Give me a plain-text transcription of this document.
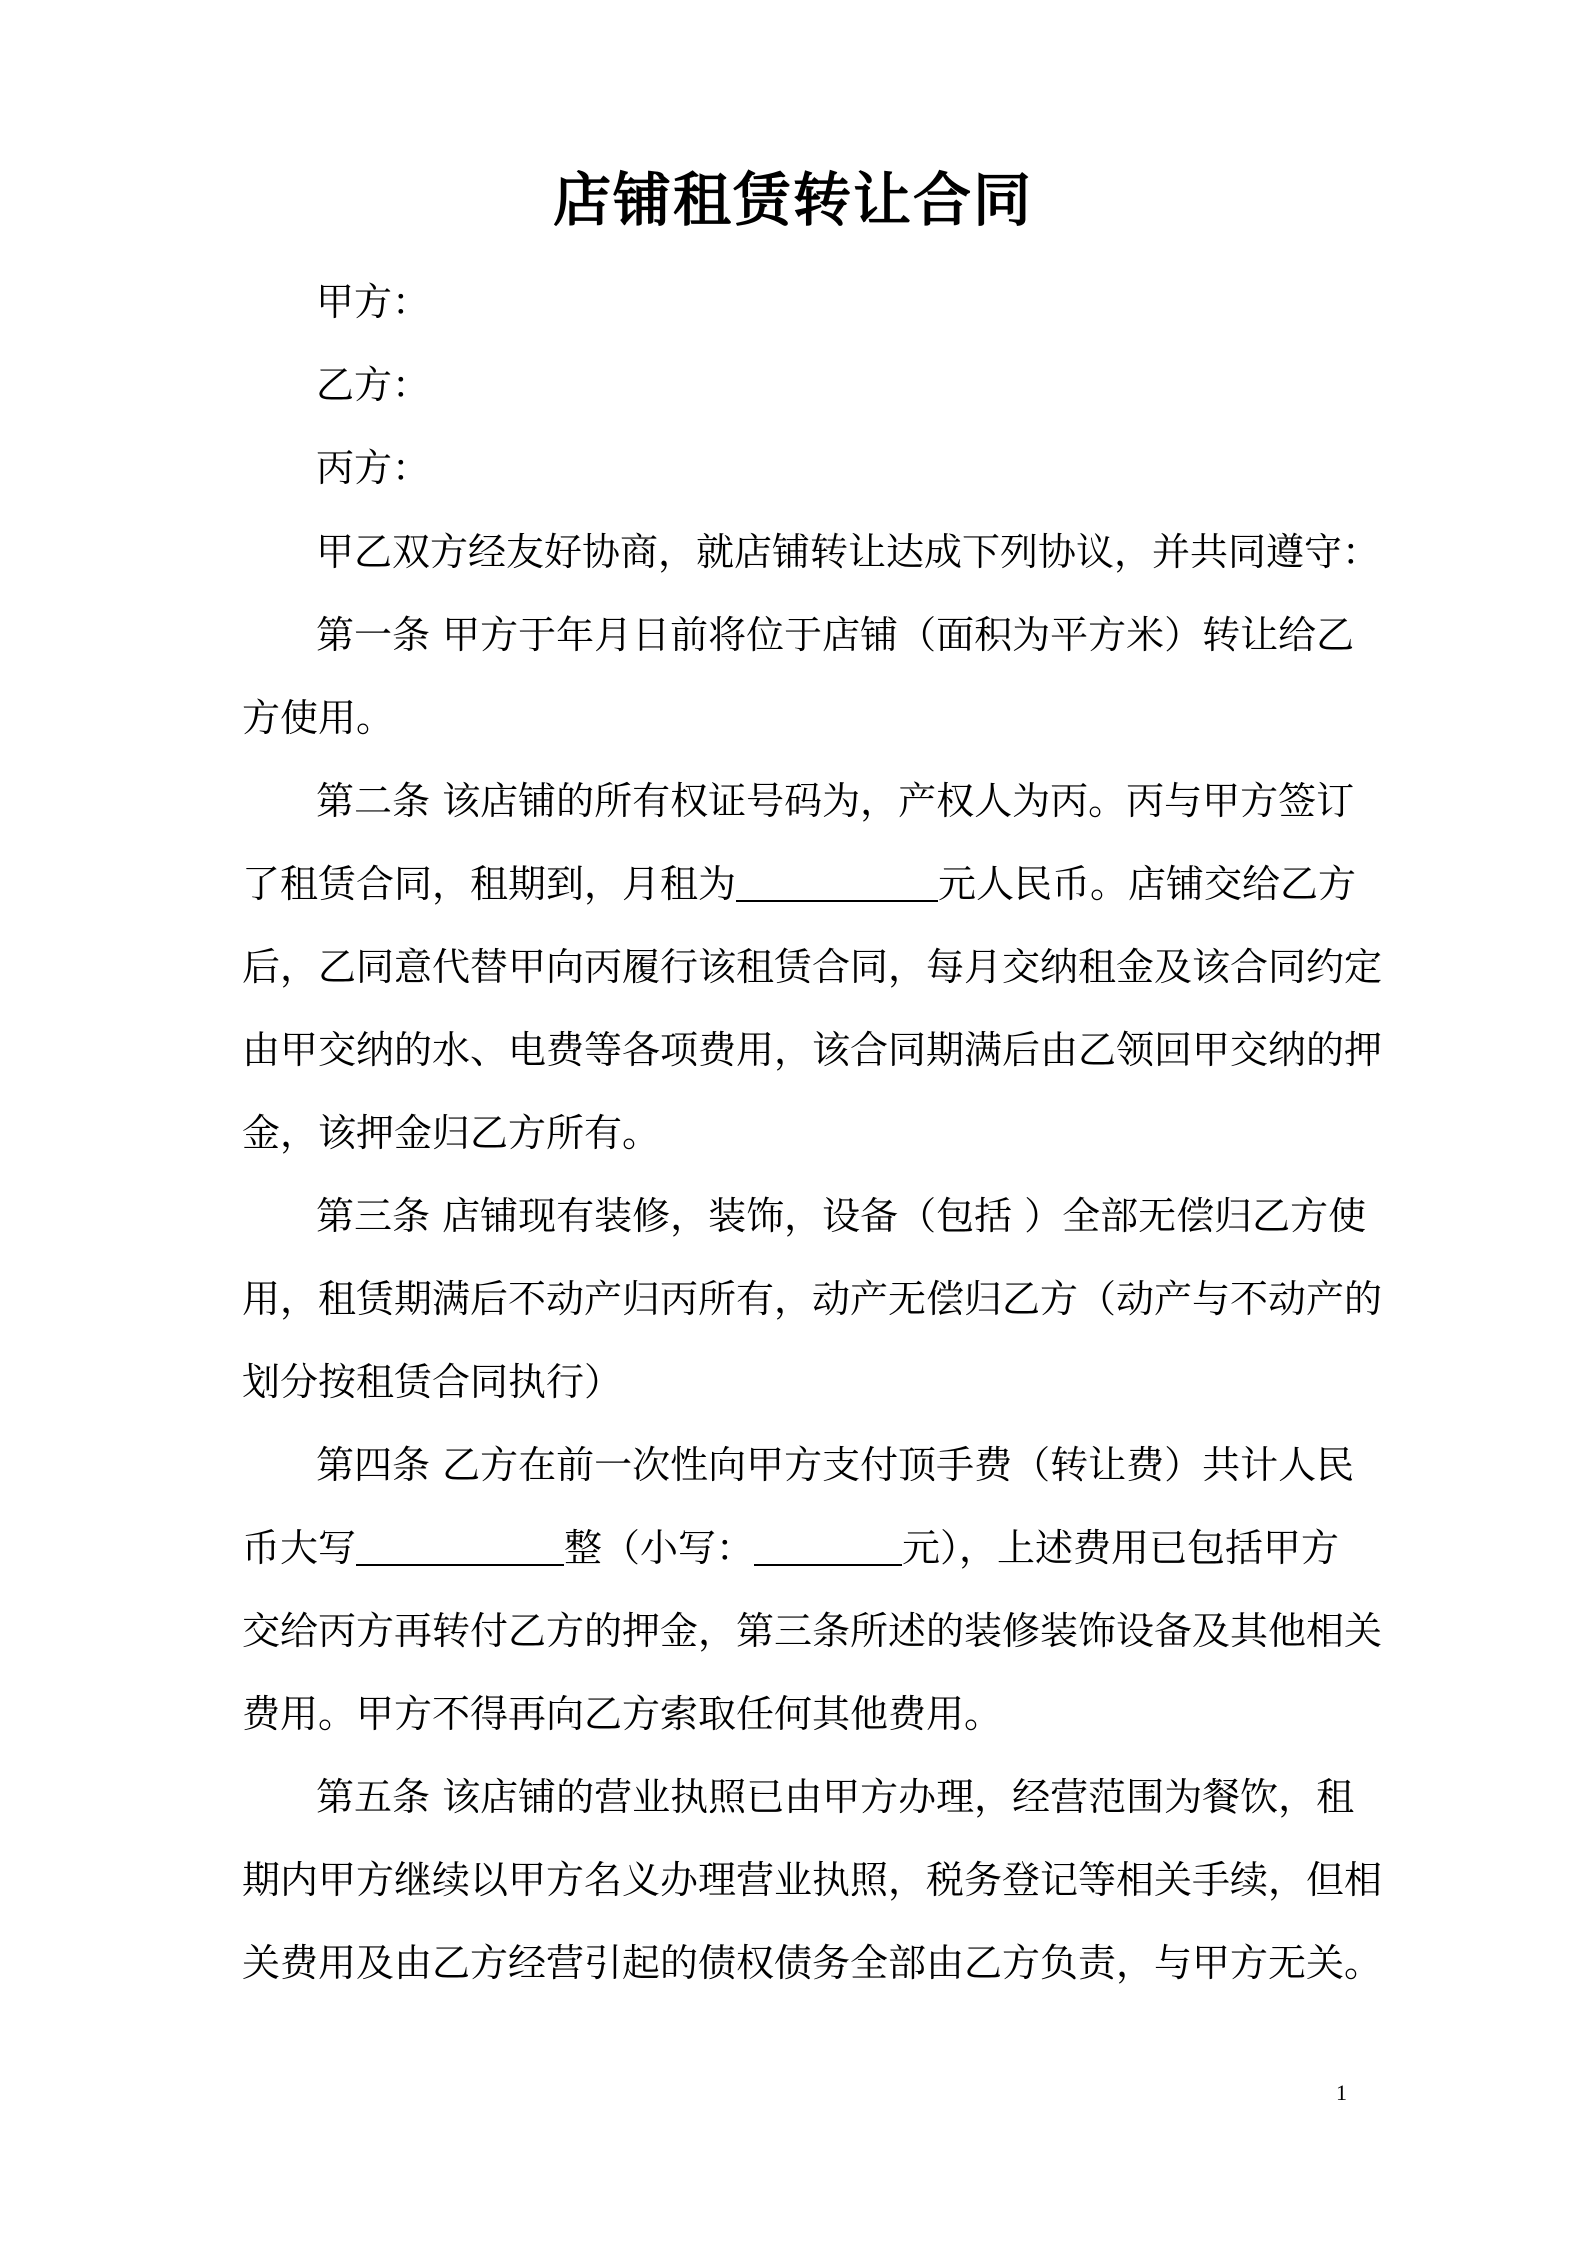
店铺租赁转让合同
甲方：
乙方：
丙方：
甲乙双方经友好协商，就店铺转让达成下列协议，并共同遵守：
第一条 甲方于年月日前将位于店铺（面积为平方米）转让给乙
方使用。
第二条 该店铺的所有权证号码为，产权人为丙。丙与甲方签订
了租赁合同，租期到，月租为	元人民币。店铺交给乙方
后，乙同意代替甲向丙履行该租赁合同，每月交纳租金及该合同约定
由甲交纳的水、电费等各项费用，该合同期满后由乙领回甲交纳的押
金，该押金归乙方所有。
第三条 店铺现有装修，装饰，设备（包括 ）全部无偿归乙方使
用，租赁期满后不动产归丙所有，动产无偿归乙方（动产与不动产的
划分按租赁合同执行）
第四条 乙方在前一次性向甲方支付顶手费（转让费）共计人民
币大写	整（小写：	元），上述费用已包括甲方
交给丙方再转付乙方的押金，第三条所述的装修装饰设备及其他相关
费用。甲方不得再向乙方索取任何其他费用。
第五条 该店铺的营业执照已由甲方办理，经营范围为餐饮，租
期内甲方继续以甲方名义办理营业执照，税务登记等相关手续，但相
关费用及由乙方经营引起的债权债务全部由乙方负责，与甲方无关。
1
